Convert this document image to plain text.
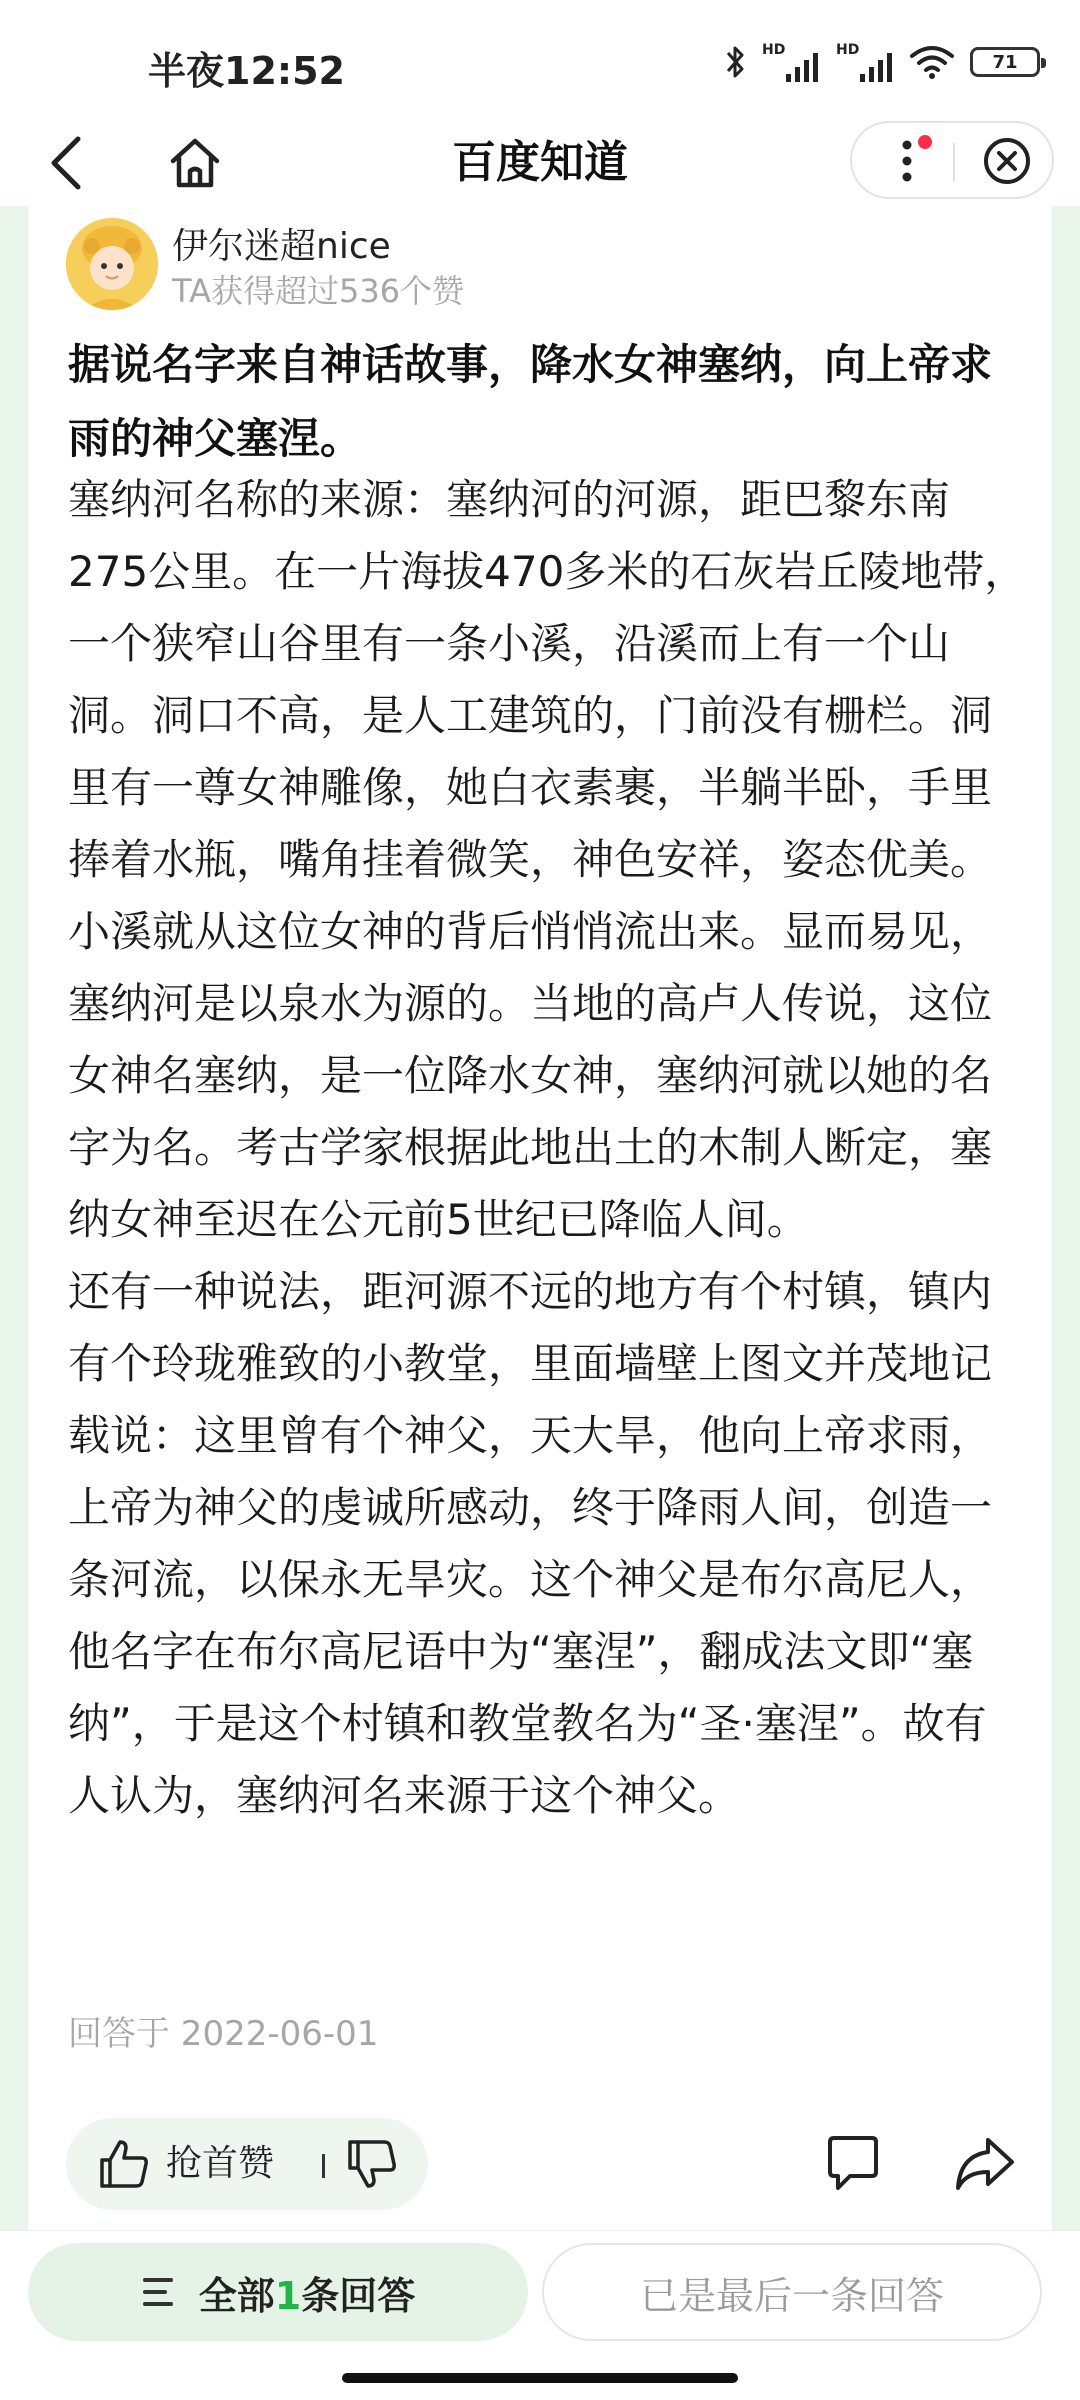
半夜12:52	HD	HD
71
百度知道
伊尔迷超nice
TA获得超过536个赞
据说名字来自神话故事，降水女神塞纳，向上帝求雨的神父塞涅。

塞纳河名称的来源：塞纳河的河源，距巴黎东南275公里。在一片海拔470多米的石灰岩丘陵地带，一个狭窄山谷里有一条小溪，沿溪而上有一个山洞。洞口不高，是人工建筑的，门前没有栅栏。洞里有一尊女神雕像，她白衣素裹，半躺半卧，手里捧着水瓶，嘴角挂着微笑，神色安祥，姿态优美。小溪就从这位女神的背后悄悄流出来。显而易见，塞纳河是以泉水为源的。当地的高卢人传说，这位女神名塞纳，是一位降水女神，塞纳河就以她的名字为名。考古学家根据此地出土的木制人断定，塞纳女神至迟在公元前5世纪已降临人间。

还有一种说法，距河源不远的地方有个村镇，镇内有个玲珑雅致的小教堂，里面墙壁上图文并茂地记载说：这里曾有个神父，天大旱，他向上帝求雨，上帝为神父的虔诚所感动，终于降雨人间，创造一条河流，以保永无旱灾。这个神父是布尔高尼人，他名字在布尔高尼语中为“塞涅”，翻成法文即“塞纳”，于是这个村镇和教堂教名为“圣·塞涅”。故有人认为，塞纳河名来源于这个神父。

回答于 2022-06-01
抢首赞
全部1条回答	已是最后一条回答
